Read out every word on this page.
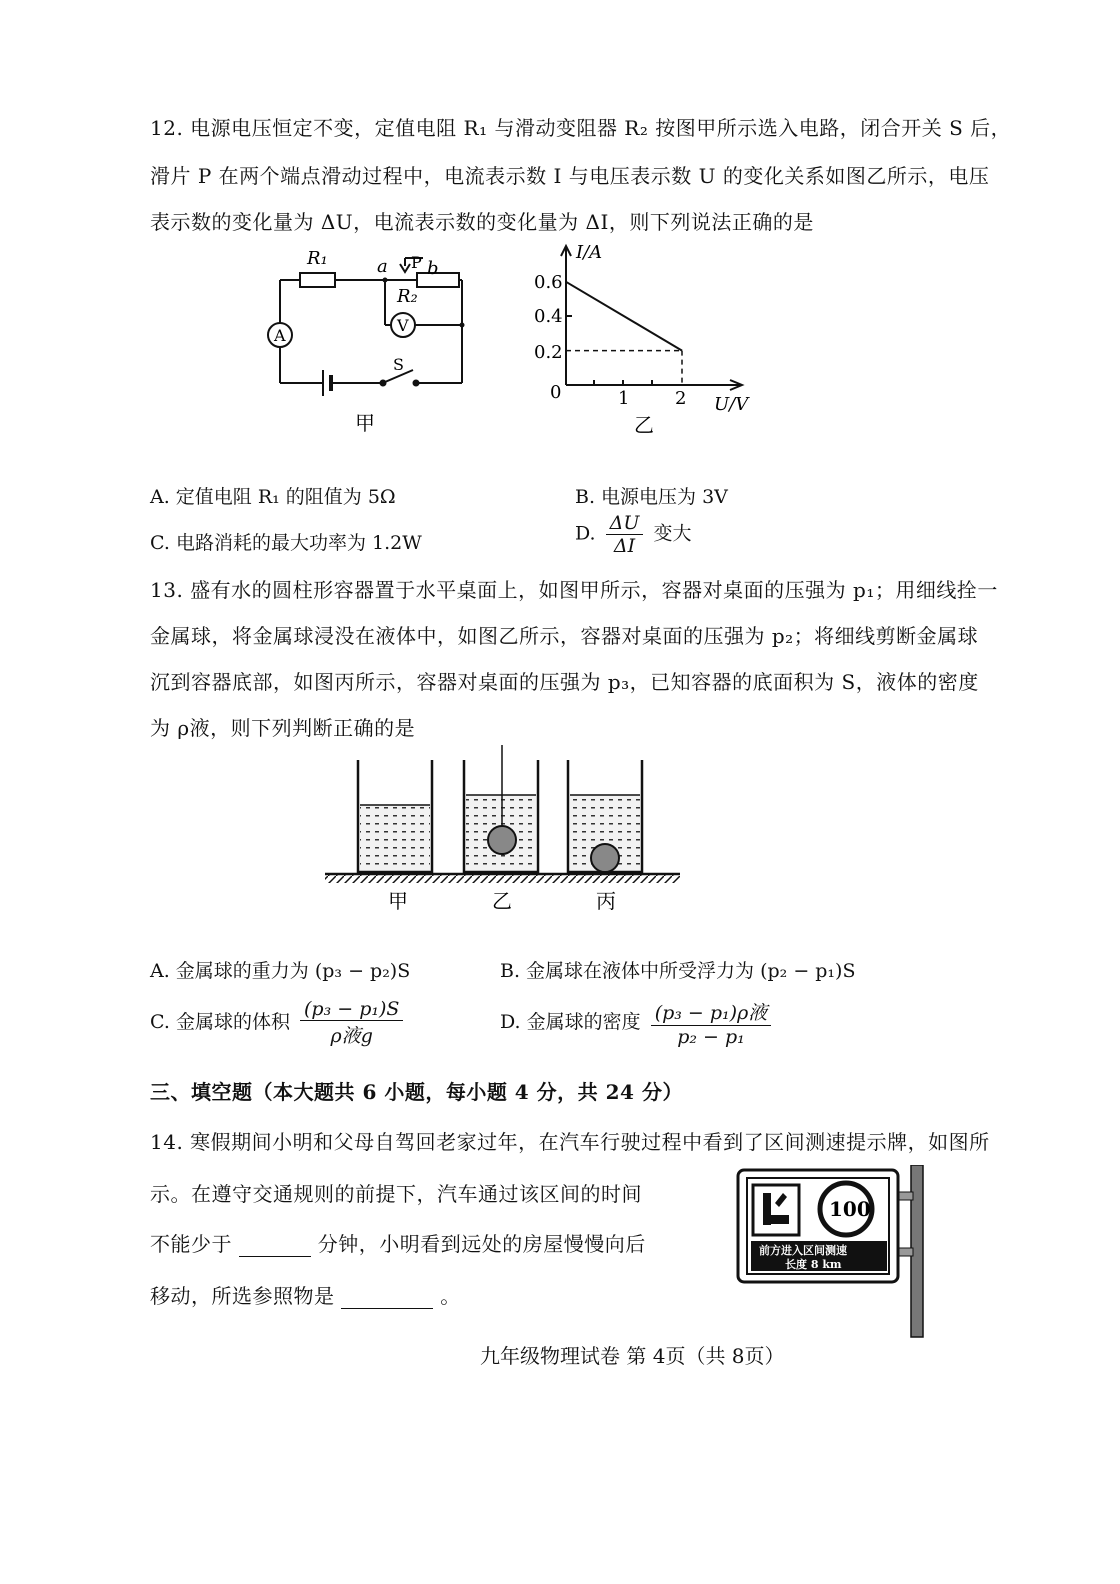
12. 电源电压恒定不变，定值电阻 R₁ 与滑动变阻器 R₂ 按图甲所示选入电路，闭合开关 S 后，
滑片 P 在两个端点滑动过程中，电流表示数 I 与电压表示数 U 的变化关系如图乙所示，电压
表示数的变化量为 ΔU，电流表示数的变化量为 ΔI，则下列说法正确的是
R₁	a P b
R₂
A
V
S
甲
I/A
U/V
0
0.6
0.4
0.2
1	2
乙
A. 定值电阻 R₁ 的阻值为 5Ω	B. 电源电压为 3V
C. 电路消耗的最大功率为 1.2W	D. $\frac{\Delta U}{\Delta I}$ 变大
13. 盛有水的圆柱形容器置于水平桌面上，如图甲所示，容器对桌面的压强为 p₁；用细线拴一
金属球，将金属球浸没在液体中，如图乙所示，容器对桌面的压强为 p₂；将细线剪断金属球
沉到容器底部，如图丙所示，容器对桌面的压强为 p₃，已知容器的底面积为 S，液体的密度
为 ρ液，则下列判断正确的是
甲	乙	丙
A. 金属球的重力为 (p₃ − p₂)S	B. 金属球在液体中所受浮力为 (p₂ − p₁)S
C. 金属球的体积 $\frac{\text{(p₃ − p₁)S}}{\text{ρ液g}}$	D. 金属球的密度 $\frac{\text{(p₃ − p₁)ρ液}}{\text{p₂ − p₁}}$
三、填空题（本大题共 6 小题，每小题 4 分，共 24 分）
14. 寒假期间小明和父母自驾回老家过年，在汽车行驶过程中看到了区间测速提示牌，如图所
示。在遵守交通规则的前提下，汽车通过该区间的时间
不能少于	分钟，小明看到远处的房屋慢慢向后
移动，所选参照物是	。
100
前方进入区间测速
长度 8 km
九年级物理试卷 第 4页（共 8页）
